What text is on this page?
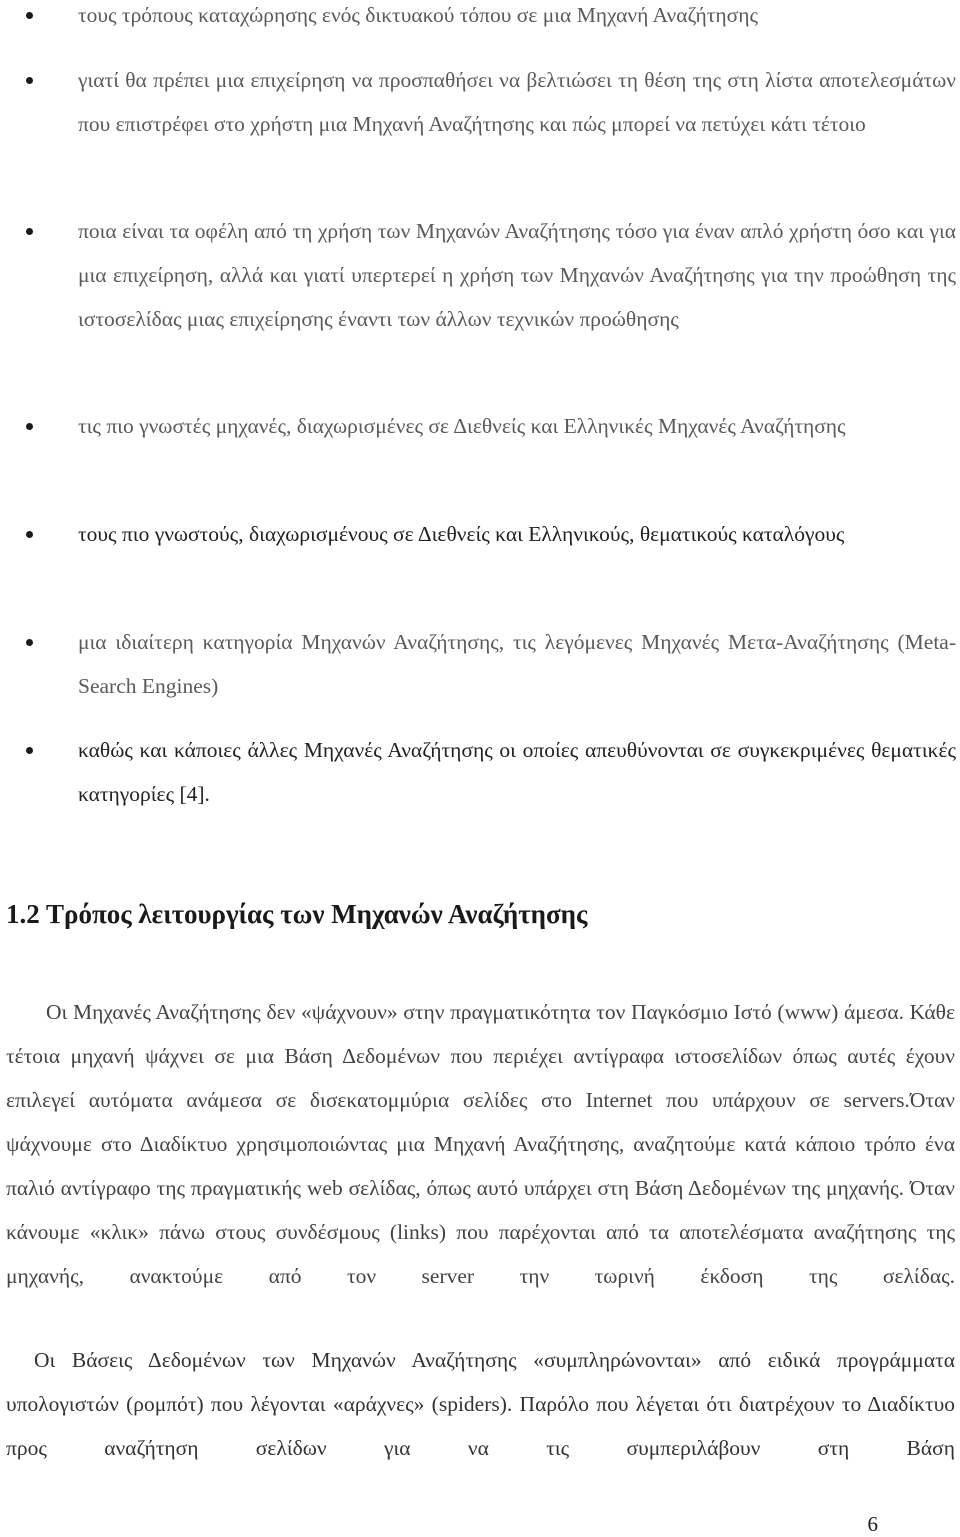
τους τρόπους καταχώρησης ενός δικτυακού τόπου σε μια Μηχανή Αναζήτησης
γιατί θα πρέπει μια επιχείρηση να προσπαθήσει να βελτιώσει τη θέση της στη λίστα αποτελεσμάτων που επιστρέφει στο χρήστη μια Μηχανή Αναζήτησης και πώς μπορεί να πετύχει κάτι τέτοιο
ποια είναι τα οφέλη από τη χρήση των Μηχανών Αναζήτησης τόσο για έναν απλό χρήστη όσο και για μια επιχείρηση, αλλά και γιατί υπερτερεί η χρήση των Μηχανών Αναζήτησης για την προώθηση της ιστοσελίδας μιας επιχείρησης έναντι των άλλων τεχνικών προώθησης
τις πιο γνωστές μηχανές, διαχωρισμένες σε Διεθνείς και Ελληνικές Μηχανές Αναζήτησης
τους πιο γνωστούς, διαχωρισμένους σε Διεθνείς και Ελληνικούς, θεματικούς καταλόγους
μια ιδιαίτερη κατηγορία Μηχανών Αναζήτησης, τις λεγόμενες Μηχανές Μετα-Αναζήτησης (Meta-Search Engines)
καθώς και κάποιες άλλες Μηχανές Αναζήτησης οι οποίες απευθύνονται σε συγκεκριμένες θεματικές κατηγορίες [4].
1.2 Τρόπος λειτουργίας των Μηχανών Αναζήτησης

Οι Μηχανές Αναζήτησης δεν «ψάχνουν» στην πραγματικότητα τον Παγκόσμιο Ιστό (www) άμεσα. Κάθε τέτοια μηχανή ψάχνει σε μια Βάση Δεδομένων που περιέχει αντίγραφα ιστοσελίδων όπως αυτές έχουν επιλεγεί αυτόματα ανάμεσα σε δισεκατομμύρια σελίδες στο Internet που υπάρχουν σε servers.Όταν ψάχνουμε στο Διαδίκτυο χρησιμοποιώντας μια Μηχανή Αναζήτησης, αναζητούμε κατά κάποιο τρόπο ένα παλιό αντίγραφο της πραγματικής web σελίδας, όπως αυτό υπάρχει στη Βάση Δεδομένων της μηχανής. Όταν κάνουμε «κλικ» πάνω στους συνδέσμους (links) που παρέχονται από τα αποτελέσματα αναζήτησης της μηχανής, ανακτούμε από τον server την τωρινή έκδοση της σελίδας.

Οι Βάσεις Δεδομένων των Μηχανών Αναζήτησης «συμπληρώνονται» από ειδικά προγράμματα υπολογιστών (ρομπότ) που λέγονται «αράχνες» (spiders). Παρόλο που λέγεται ότι διατρέχουν το Διαδίκτυο προς αναζήτηση σελίδων για να τις συμπεριλάβουν στη Βάση

6
